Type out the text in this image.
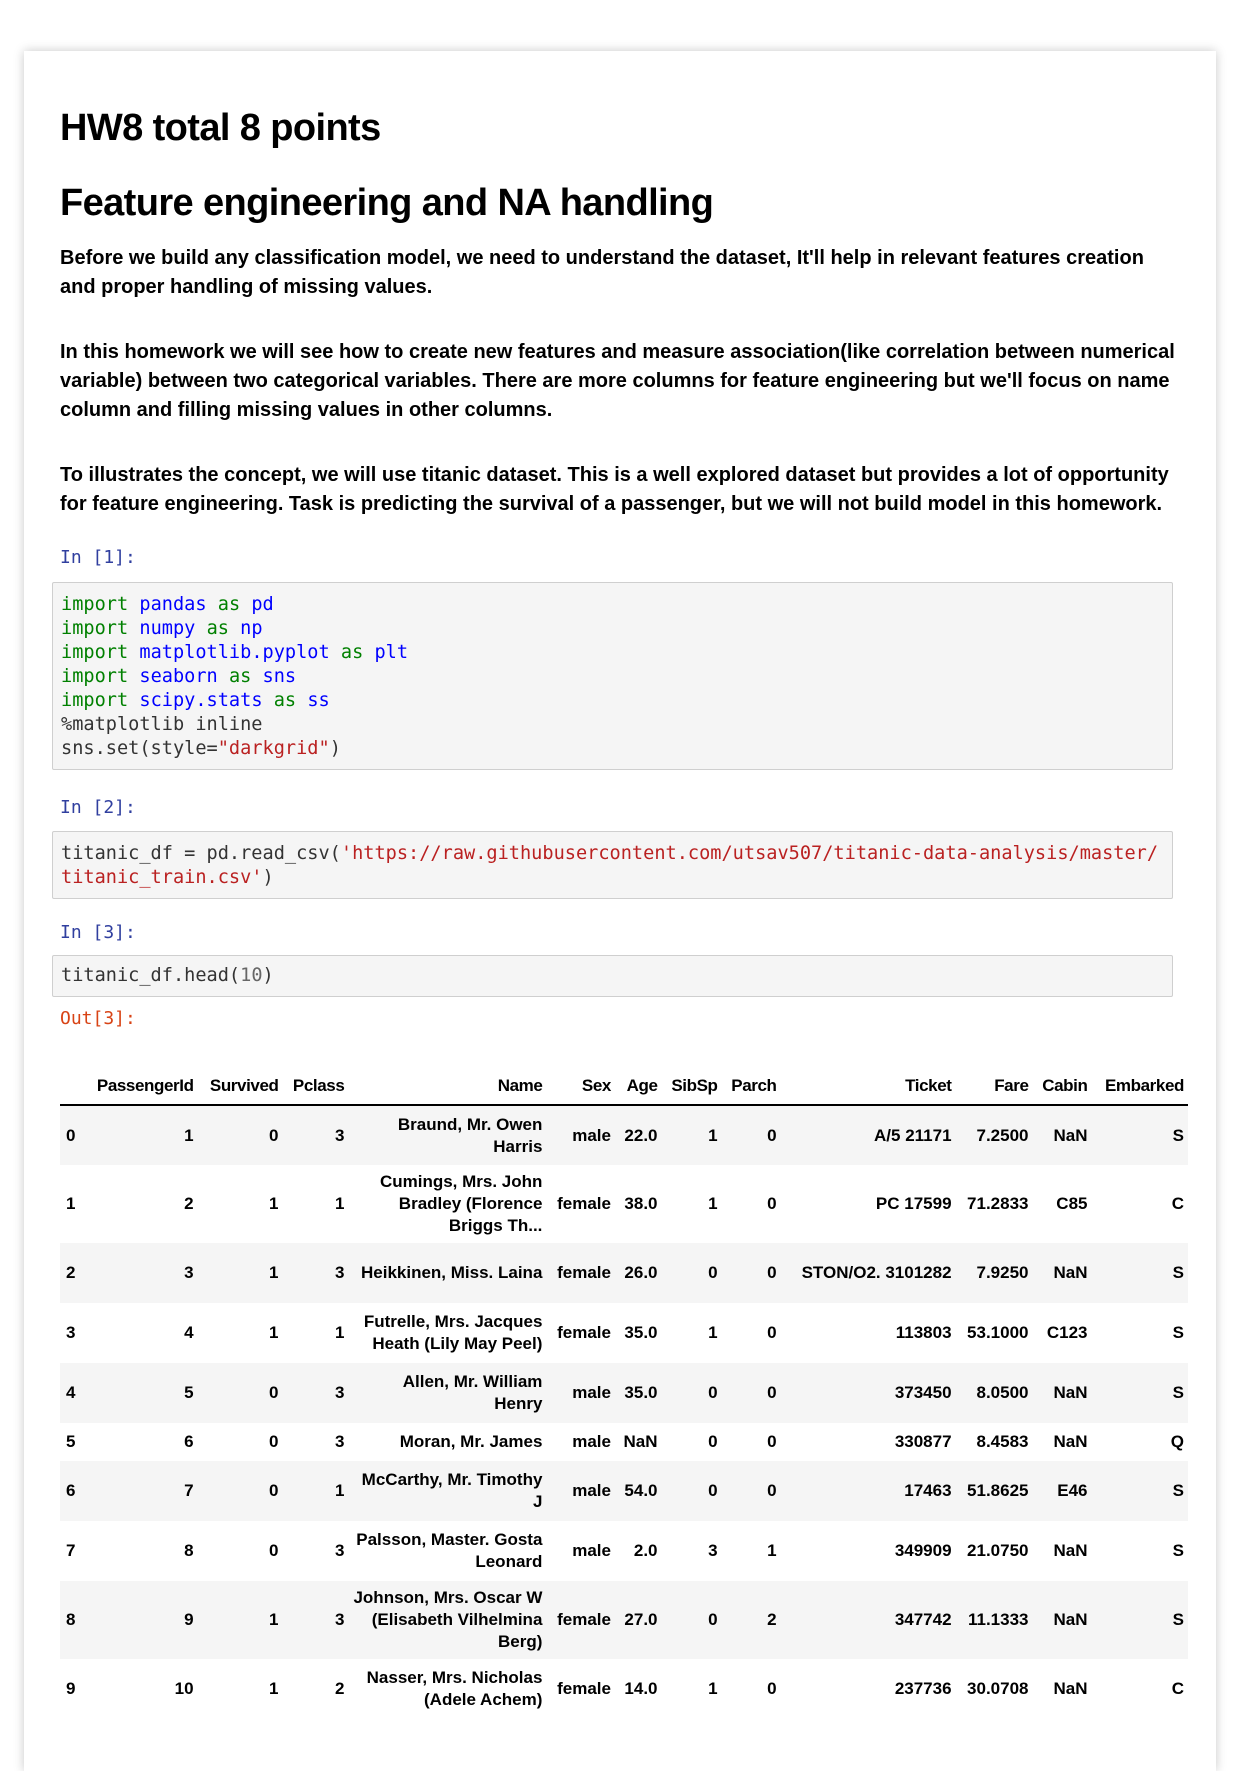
HW8 total 8 points
Feature engineering and NA handling

Before we build any classification model, we need to understand the dataset, It'll help in relevant features creation and proper handling of missing values.

In this homework we will see how to create new features and measure association(like correlation between numerical variable) between two categorical variables. There are more columns for feature engineering but we'll focus on name column and filling missing values in other columns.

To illustrates the concept, we will use titanic dataset. This is a well explored dataset but provides a lot of opportunity for feature engineering. Task is predicting the survival of a passenger, but we will not build model in this homework.

In [1]:
import pandas as pd
import numpy as np
import matplotlib.pyplot as plt
import seaborn as sns
import scipy.stats as ss
%matplotlib inline
sns.set(style="darkgrid")
In [2]:
titanic_df = pd.read_csv('https://raw.githubusercontent.com/utsav507/titanic-data-analysis/master/titanic_train.csv')
In [3]:
titanic_df.head(10)
Out[3]:
	PassengerId	Survived	Pclass	Name	Sex	Age	SibSp	Parch	Ticket	Fare	Cabin	Embarked
0	1	0	3	Braund, Mr. Owen Harris	male	22.0	1	0	A/5 21171	7.2500	NaN	S
1	2	1	1	Cumings, Mrs. John Bradley (Florence Briggs Th...	female	38.0	1	0	PC 17599	71.2833	C85	C
2	3	1	3	Heikkinen, Miss. Laina	female	26.0	0	0	STON/O2. 3101282	7.9250	NaN	S
3	4	1	1	Futrelle, Mrs. Jacques Heath (Lily May Peel)	female	35.0	1	0	113803	53.1000	C123	S
4	5	0	3	Allen, Mr. William Henry	male	35.0	0	0	373450	8.0500	NaN	S
5	6	0	3	Moran, Mr. James	male	NaN	0	0	330877	8.4583	NaN	Q
6	7	0	1	McCarthy, Mr. Timothy J	male	54.0	0	0	17463	51.8625	E46	S
7	8	0	3	Palsson, Master. Gosta Leonard	male	2.0	3	1	349909	21.0750	NaN	S
8	9	1	3	Johnson, Mrs. Oscar W (Elisabeth Vilhelmina Berg)	female	27.0	0	2	347742	11.1333	NaN	S
9	10	1	2	Nasser, Mrs. Nicholas (Adele Achem)	female	14.0	1	0	237736	30.0708	NaN	C
